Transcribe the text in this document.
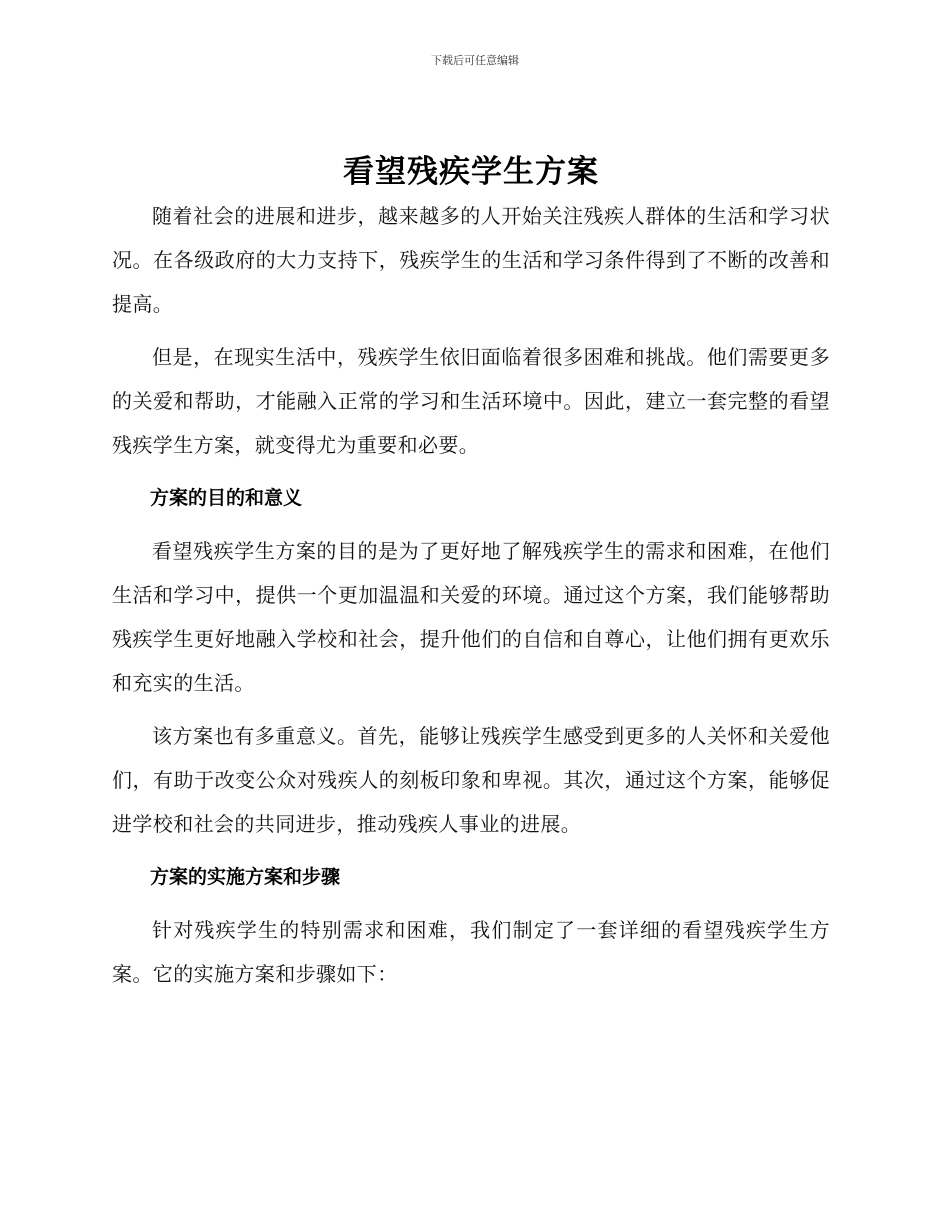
下载后可任意编辑
看望残疾学生方案

随着社会的进展和进步，越来越多的人开始关注残疾人群体的生活和学习状况。在各级政府的大力支持下，残疾学生的生活和学习条件得到了不断的改善和提高。

但是，在现实生活中，残疾学生依旧面临着很多困难和挑战。他们需要更多的关爱和帮助，才能融入正常的学习和生活环境中。因此，建立一套完整的看望残疾学生方案，就变得尤为重要和必要。

方案的目的和意义

看望残疾学生方案的目的是为了更好地了解残疾学生的需求和困难，在他们生活和学习中，提供一个更加温温和关爱的环境。通过这个方案，我们能够帮助残疾学生更好地融入学校和社会，提升他们的自信和自尊心，让他们拥有更欢乐和充实的生活。

该方案也有多重意义。首先，能够让残疾学生感受到更多的人关怀和关爱他们，有助于改变公众对残疾人的刻板印象和卑视。其次，通过这个方案，能够促进学校和社会的共同进步，推动残疾人事业的进展。

方案的实施方案和步骤

针对残疾学生的特别需求和困难，我们制定了一套详细的看望残疾学生方案。它的实施方案和步骤如下：
